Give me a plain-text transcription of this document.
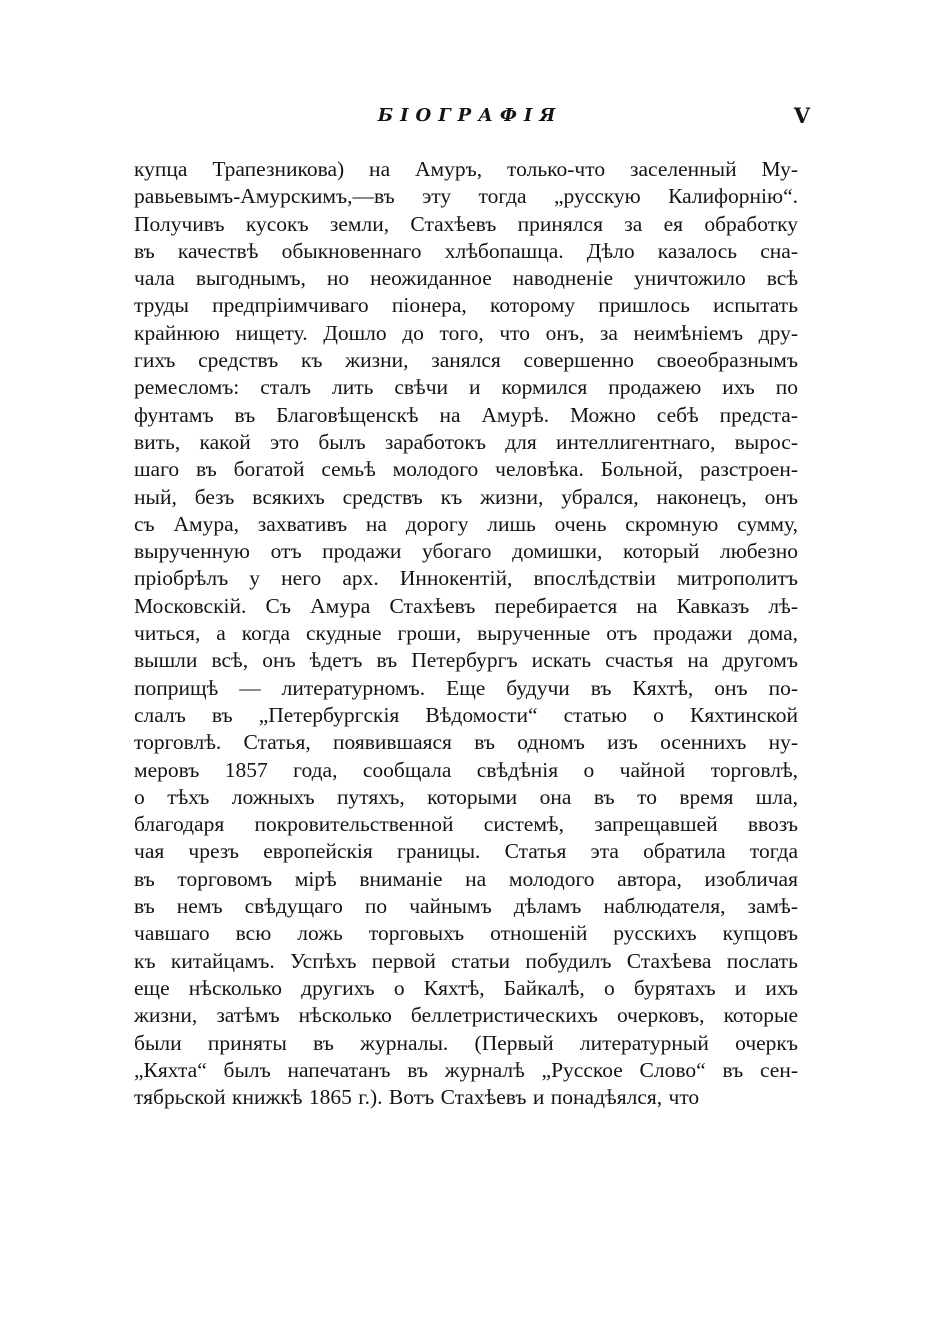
БІОГРАФІЯ	V
купца Трапезникова) на Амуръ, только-что заселенный Му-
равьевымъ-Амурскимъ,—въ эту тогда „русскую Калифорнію“.
Получивъ кусокъ земли, Стахѣевъ принялся за ея обработку
въ качествѣ обыкновеннаго хлѣбопашца. Дѣло казалось сна-
чала выгоднымъ, но неожиданное наводненіе уничтожило всѣ
труды предпріимчиваго піонера, которому пришлось испытать
крайнюю нищету. Дошло до того, что онъ, за неимѣніемъ дру-
гихъ средствъ къ жизни, занялся совершенно своеобразнымъ
ремесломъ: сталъ лить свѣчи и кормился продажею ихъ по
фунтамъ въ Благовѣщенскѣ на Амурѣ. Можно себѣ предста-
вить, какой это былъ заработокъ для интеллигентнаго, вырос-
шаго въ богатой семьѣ молодого человѣка. Больной, разстроен-
ный, безъ всякихъ средствъ къ жизни, убрался, наконецъ, онъ
съ Амура, захвативъ на дорогу лишь очень скромную сумму,
вырученную отъ продажи убогаго домишки, который любезно
пріобрѣлъ у него арх. Иннокентій, впослѣдствіи митрополитъ
Московскій. Съ Амура Стахѣевъ перебирается на Кавказъ лѣ-
читься, а когда скудные гроши, вырученные отъ продажи дома,
вышли всѣ, онъ ѣдетъ въ Петербургъ искать счастья на другомъ
поприщѣ — литературномъ. Еще будучи въ Кяхтѣ, онъ по-
слалъ въ „Петербургскія Вѣдомости“ статью о Кяхтинской
торговлѣ. Статья, появившаяся въ одномъ изъ осеннихъ ну-
меровъ 1857 года, сообщала свѣдѣнія о чайной торговлѣ,
о тѣхъ ложныхъ путяхъ, которыми она въ то время шла,
благодаря покровительственной системѣ, запрещавшей ввозъ
чая чрезъ европейскія границы. Статья эта обратила тогда
въ торговомъ мірѣ вниманіе на молодого автора, изобличая
въ немъ свѣдущаго по чайнымъ дѣламъ наблюдателя, замѣ-
чавшаго всю ложь торговыхъ отношеній русскихъ купцовъ
къ китайцамъ. Успѣхъ первой статьи побудилъ Стахѣева послать
еще нѣсколько другихъ о Кяхтѣ, Байкалѣ, о бурятахъ и ихъ
жизни, затѣмъ нѣсколько беллетристическихъ очерковъ, которые
были приняты въ журналы. (Первый литературный очеркъ
„Кяхта“ былъ напечатанъ въ журналѣ „Русское Слово“ въ сен-
тябрьской книжкѣ 1865 г.). Вотъ Стахѣевъ и понадѣялся, что
